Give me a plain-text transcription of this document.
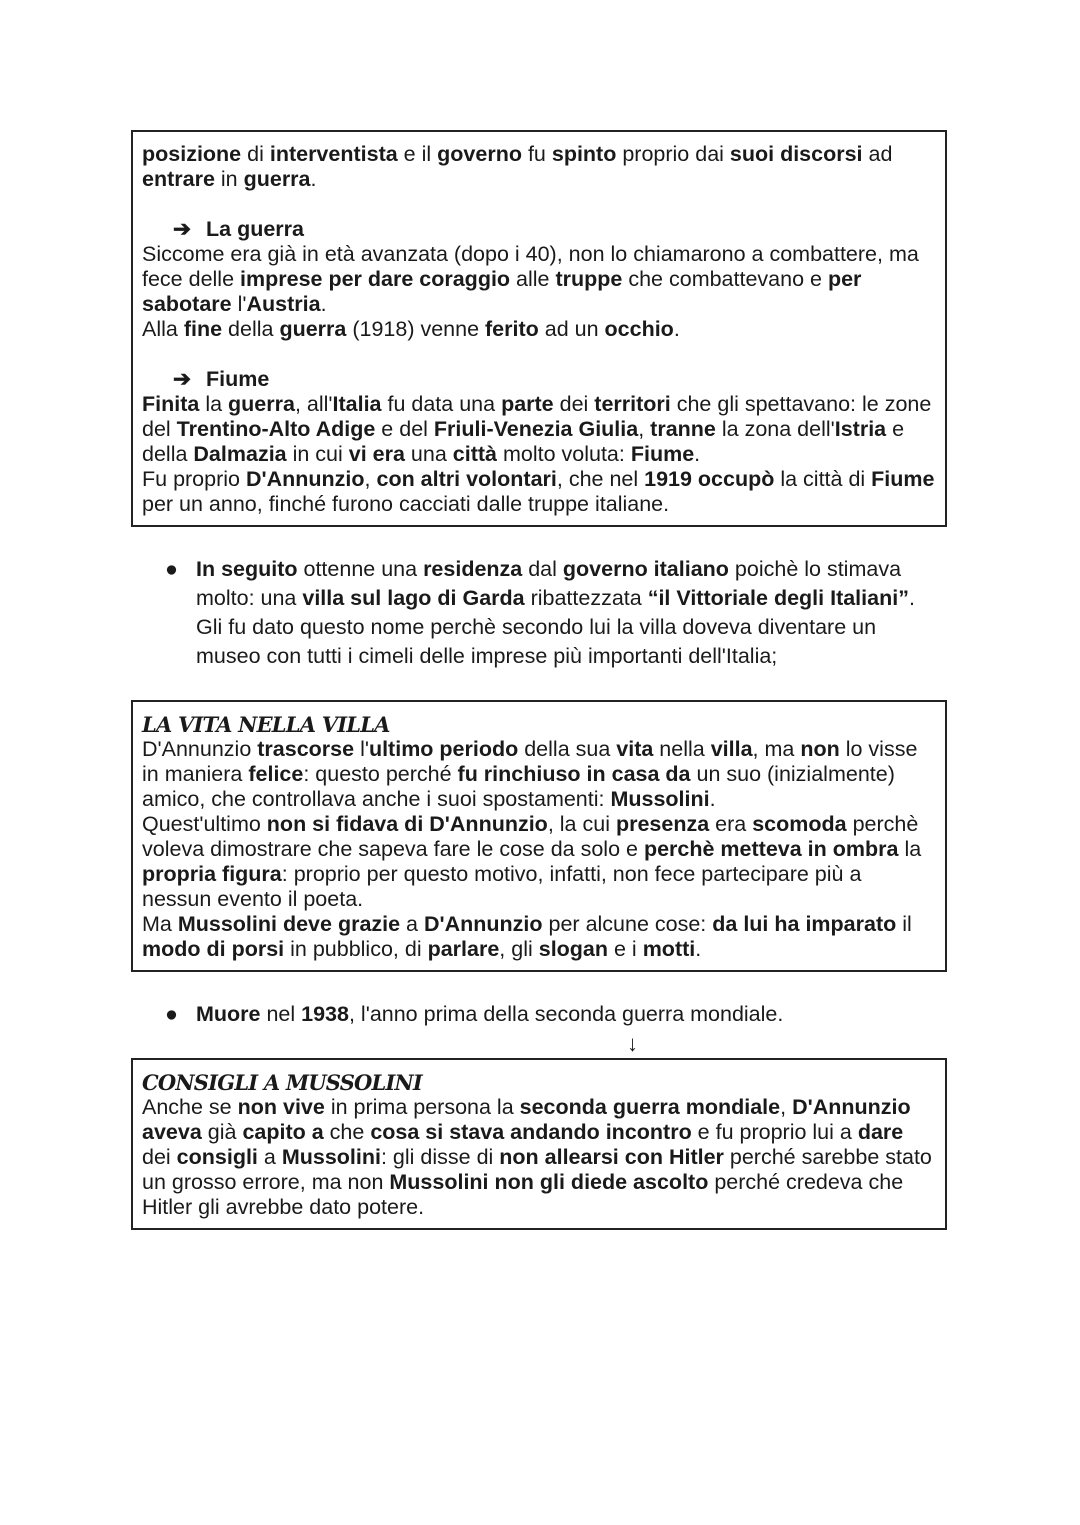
posizione di interventista e il governo fu spinto proprio dai suoi discorsi ad entrare in guerra.

➔ La guerra

Siccome era già in età avanzata (dopo i 40), non lo chiamarono a combattere, ma fece delle imprese per dare coraggio alle truppe che combattevano e per sabotare l'Austria.

Alla fine della guerra (1918) venne ferito ad un occhio.

➔ Fiume

Finita la guerra, all'Italia fu data una parte dei territori che gli spettavano: le zone del Trentino-Alto Adige e del Friuli-Venezia Giulia, tranne la zona dell'Istria e della Dalmazia in cui vi era una città molto voluta: Fiume.

Fu proprio D'Annunzio, con altri volontari, che nel 1919 occupò la città di Fiume per un anno, finché furono cacciati dalle truppe italiane.

● In seguito ottenne una residenza dal governo italiano poichè lo stimava molto: una villa sul lago di Garda ribattezzata “il Vittoriale degli Italiani”. Gli fu dato questo nome perchè secondo lui la villa doveva diventare un museo con tutti i cimeli delle imprese più importanti dell'Italia;

LA VITA NELLA VILLA

D'Annunzio trascorse l'ultimo periodo della sua vita nella villa, ma non lo visse in maniera felice: questo perché fu rinchiuso in casa da un suo (inizialmente) amico, che controllava anche i suoi spostamenti: Mussolini.

Quest'ultimo non si fidava di D'Annunzio, la cui presenza era scomoda perchè voleva dimostrare che sapeva fare le cose da solo e perchè metteva in ombra la propria figura: proprio per questo motivo, infatti, non fece partecipare più a nessun evento il poeta.

Ma Mussolini deve grazie a D'Annunzio per alcune cose: da lui ha imparato il modo di porsi in pubblico, di parlare, gli slogan e i motti.

● Muore nel 1938, l'anno prima della seconda guerra mondiale.

↓

CONSIGLI A MUSSOLINI

Anche se non vive in prima persona la seconda guerra mondiale, D'Annunzio aveva già capito a che cosa si stava andando incontro e fu proprio lui a dare dei consigli a Mussolini: gli disse di non allearsi con Hitler perché sarebbe stato un grosso errore, ma non Mussolini non gli diede ascolto perché credeva che Hitler gli avrebbe dato potere.
